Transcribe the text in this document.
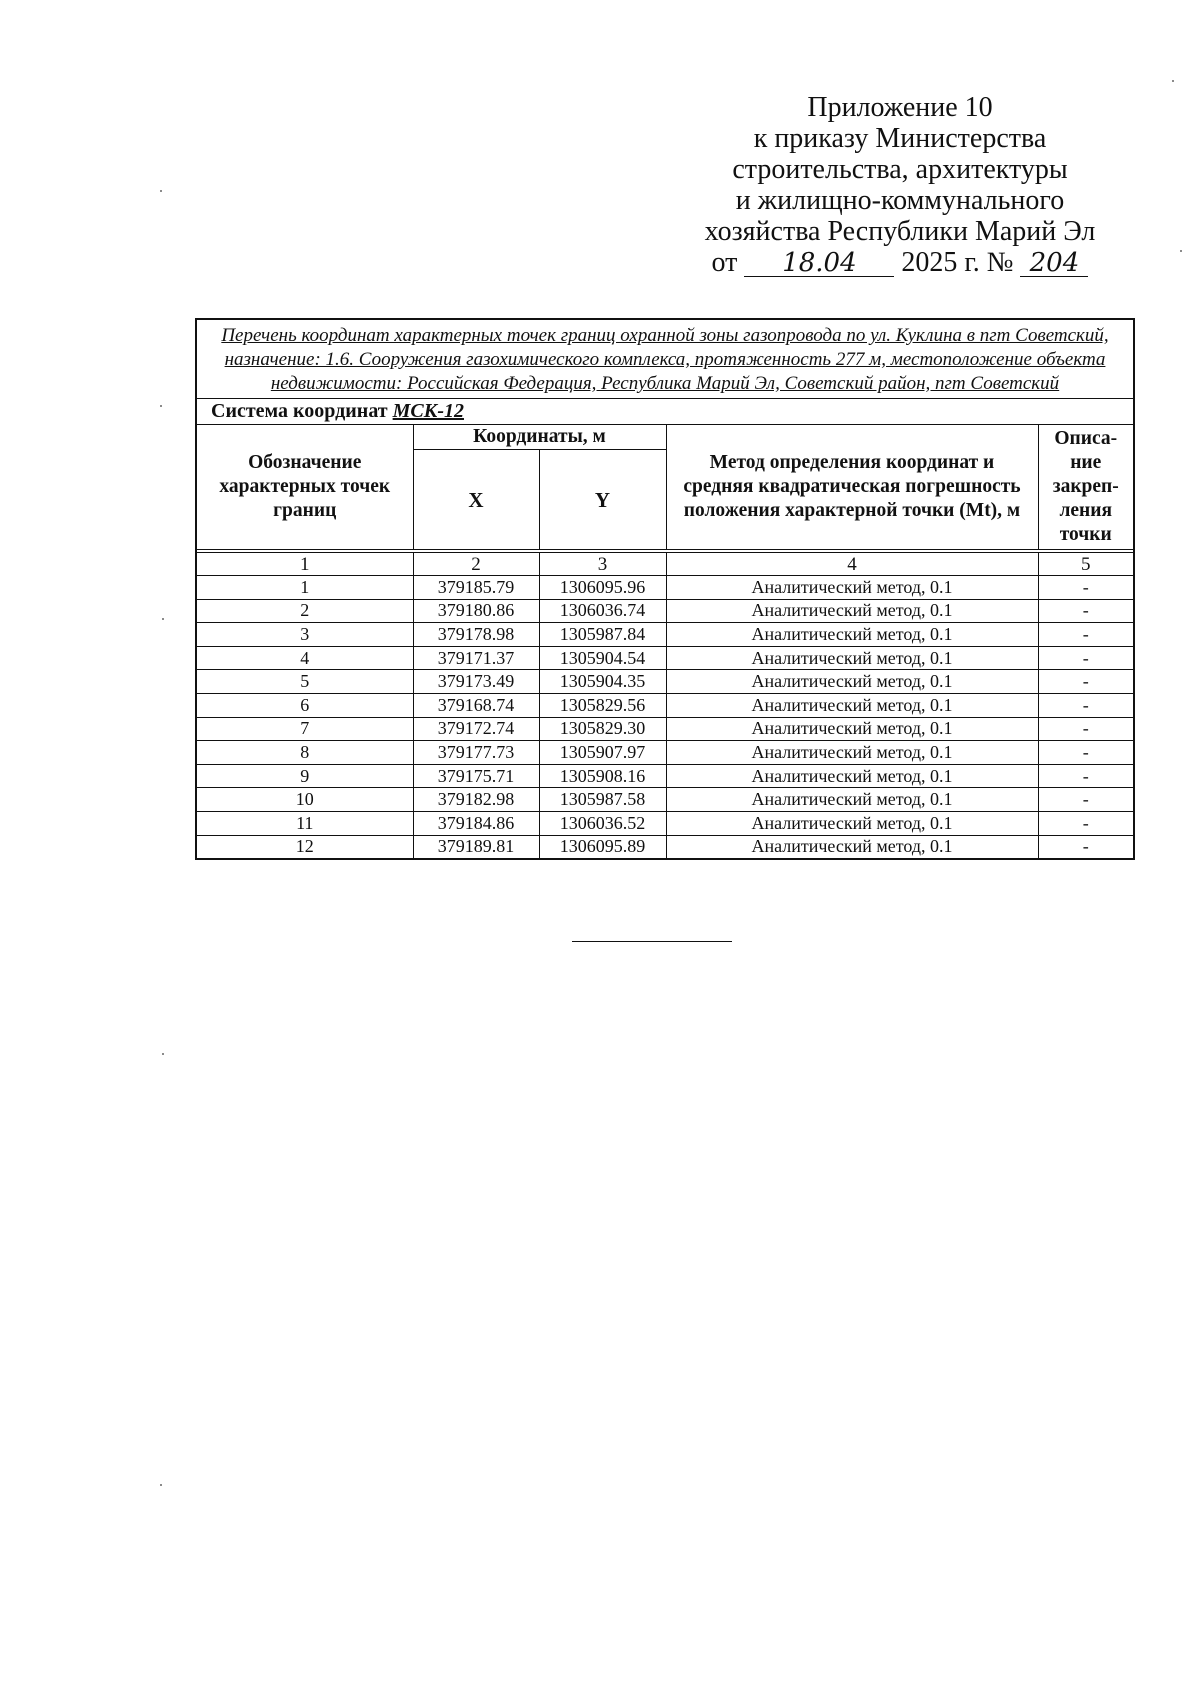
Приложение 10
к приказу Министерства
строительства, архитектуры
и жилищно-коммунального
хозяйства Республики Марий Эл
от 18.04 2025 г. № 204
Перечень координат характерных точек границ охранной зоны газопровода по ул. Куклина в пгт Советский, назначение: 1.6. Сооружения газохимического комплекса, протяженность 277 м, местоположение объекта недвижимости: Российская Федерация, Республика Марий Эл, Советский район, пгт Советский				
Система координат МСК-12				
Обозначение характерных точек границ	Координаты, м		Метод определения координат и средняя квадратическая погрешность положения характерной точки (Mt), м	Описа-ние закреп-ления точки
	X	Y		

1	2	3	4	5
1	379185.79	1306095.96	Аналитический метод, 0.1	-
2	379180.86	1306036.74	Аналитический метод, 0.1	-
3	379178.98	1305987.84	Аналитический метод, 0.1	-
4	379171.37	1305904.54	Аналитический метод, 0.1	-
5	379173.49	1305904.35	Аналитический метод, 0.1	-
6	379168.74	1305829.56	Аналитический метод, 0.1	-
7	379172.74	1305829.30	Аналитический метод, 0.1	-
8	379177.73	1305907.97	Аналитический метод, 0.1	-
9	379175.71	1305908.16	Аналитический метод, 0.1	-
10	379182.98	1305987.58	Аналитический метод, 0.1	-
11	379184.86	1306036.52	Аналитический метод, 0.1	-
12	379189.81	1306095.89	Аналитический метод, 0.1	-
